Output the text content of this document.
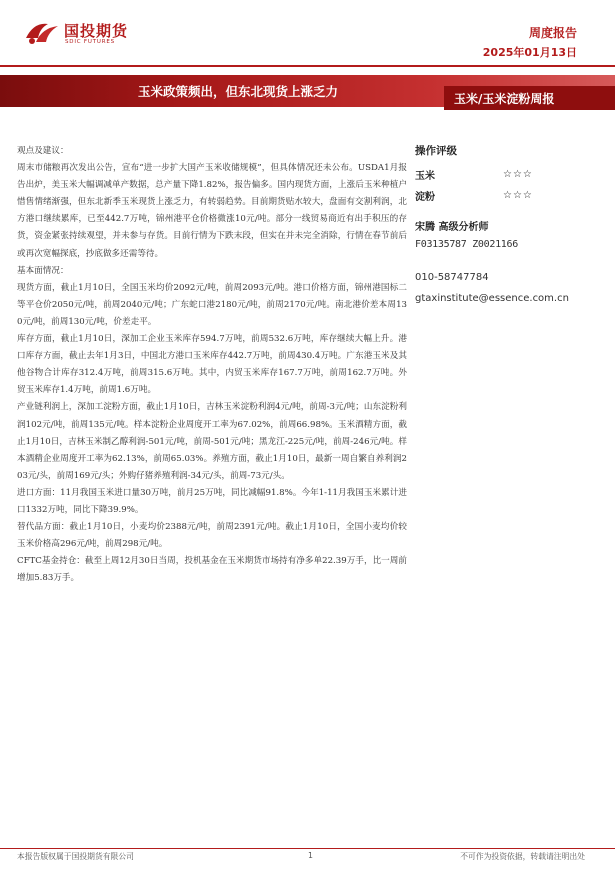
国投期货
SDIC FUTURES
周度报告
2025年01月13日
玉米政策频出，但东北现货上涨乏力	玉米/玉米淀粉周报
观点及建议：

周末市储粮再次发出公告，宣布“进一步扩大国产玉米收储规模”，但具体情况还未公布。USDA1月报告出炉，美玉米大幅调减单产数据，总产量下降1.82%，报告偏多。国内现货方面，上涨后玉米种植户惜售情绪渐强，但东北新季玉米现货上涨乏力，有转弱趋势。目前期货贴水较大，盘面有交割利润，北方港口继续累库，已至442.7万吨，锦州港平仓价格微涨10元/吨。部分一线贸易商近有出手积压的存货，资金紧张持续观望，并未参与存货。目前行情为下跌末段，但实在并未完全消除，行情在春节前后或再次宽幅探底，抄底做多还需等待。

基本面情况：

现货方面，截止1月10日，全国玉米均价2092元/吨，前周2093元/吨。港口价格方面，锦州港国标二等平仓价2050元/吨，前周2040元/吨；广东蛇口港2180元/吨，前周2170元/吨。南北港价差本周130元/吨，前周130元/吨，价差走平。

库存方面，截止1月10日，深加工企业玉米库存594.7万吨，前周532.6万吨，库存继续大幅上升。港口库存方面，截止去年1月3日，中国北方港口玉米库存442.7万吨，前周430.4万吨。广东港玉米及其他谷物合计库存312.4万吨，前周315.6万吨。其中，内贸玉米库存167.7万吨，前周162.7万吨。外贸玉米库存1.4万吨，前周1.6万吨。

产业链利润上，深加工淀粉方面，截止1月10日，吉林玉米淀粉利润4元/吨，前周-3元/吨；山东淀粉利润102元/吨，前周135元/吨。样本淀粉企业周度开工率为67.02%，前周66.98%。玉米酒精方面，截止1月10日，吉林玉米制乙醇利润-501元/吨，前周-501元/吨；黑龙江-225元/吨，前周-246元/吨。样本酒精企业周度开工率为62.13%，前周65.03%。养殖方面，截止1月10日，最新一周自繁自养利润203元/头，前周169元/头；外购仔猪养殖利润-34元/头，前周-73元/头。

进口方面：11月我国玉米进口量30万吨，前月25万吨，同比减幅91.8%。今年1-11月我国玉米累计进口1332万吨，同比下降39.9%。

替代品方面：截止1月10日，小麦均价2388元/吨，前周2391元/吨。截止1月10日，全国小麦均价较玉米价格高296元/吨，前周298元/吨。

CFTC基金持仓：截至上周12月30日当周，投机基金在玉米期货市场持有净多单22.39万手，比一周前增加5.83万手。

操作评级
玉米	☆☆☆
淀粉	☆☆☆
宋腾 高级分析师
F03135787 Z0021166
010-58747784
gtaxinstitute@essence.com.cn
本报告版权属于国投期货有限公司	1	不可作为投资依据，转载请注明出处
